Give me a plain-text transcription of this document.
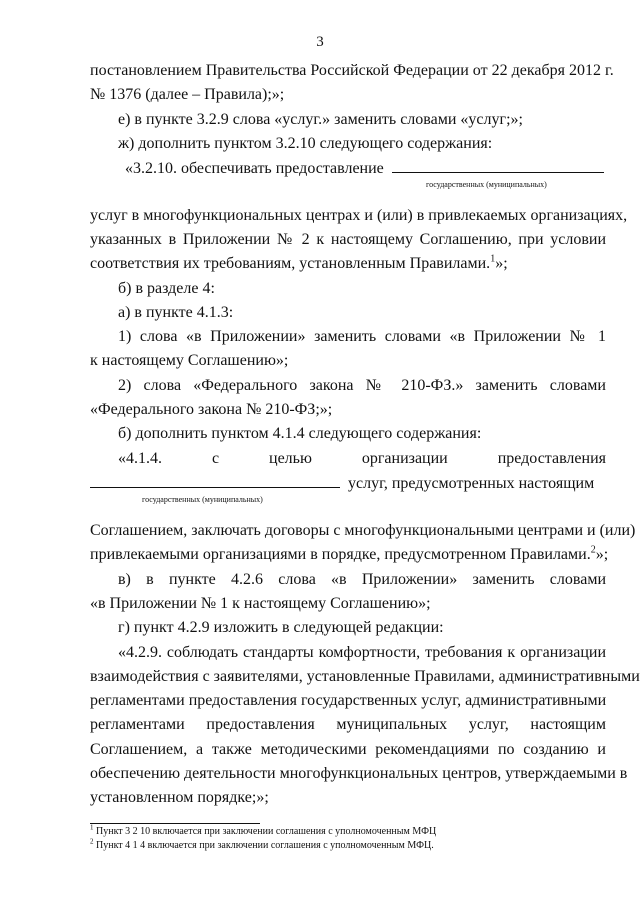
3
постановлением Правительства Российской Федерации от 22 декабря 2012 г.
№ 1376 (далее – Правила);»;
е) в пункте 3.2.9 слова «услуг.» заменить словами «услуг;»;
ж) дополнить пунктом 3.2.10 следующего содержания:
«3.2.10. обеспечивать предоставление
государственных (муниципальных)
услуг в многофункциональных центрах и (или) в привлекаемых организациях,
указанных в Приложении № 2 к настоящему Соглашению, при условии
соответствия их требованиям, установленным Правилами.$^1$»;
б) в разделе 4:
а) в пункте 4.1.3:
1) слова «в Приложении» заменить словами «в Приложении № 1
к настоящему Соглашению»;
2) слова «Федерального закона № 210-ФЗ.» заменить словами
«Федерального закона № 210-ФЗ;»;
б) дополнить пунктом 4.1.4 следующего содержания:
«4.1.4. с целью организации предоставления
услуг, предусмотренных настоящим
государственных (муниципальных)
Соглашением, заключать договоры с многофункциональными центрами и (или)
привлекаемыми организациями в порядке, предусмотренном Правилами.$^2$»;
в) в пункте 4.2.6 слова «в Приложении» заменить словами
«в Приложении № 1 к настоящему Соглашению»;
г) пункт 4.2.9 изложить в следующей редакции:
«4.2.9. соблюдать стандарты комфортности, требования к организации
взаимодействия с заявителями, установленные Правилами, административными
регламентами предоставления государственных услуг, административными
регламентами предоставления муниципальных услуг, настоящим
Соглашением, а также методическими рекомендациями по созданию и
обеспечению деятельности многофункциональных центров, утверждаемыми в
установленном порядке;»;
$^1$ Пункт 3 2 10 включается при заключении соглашения с уполномоченным МФЦ
$^2$ Пункт 4 1 4 включается при заключении соглашения с уполномоченным МФЦ.
